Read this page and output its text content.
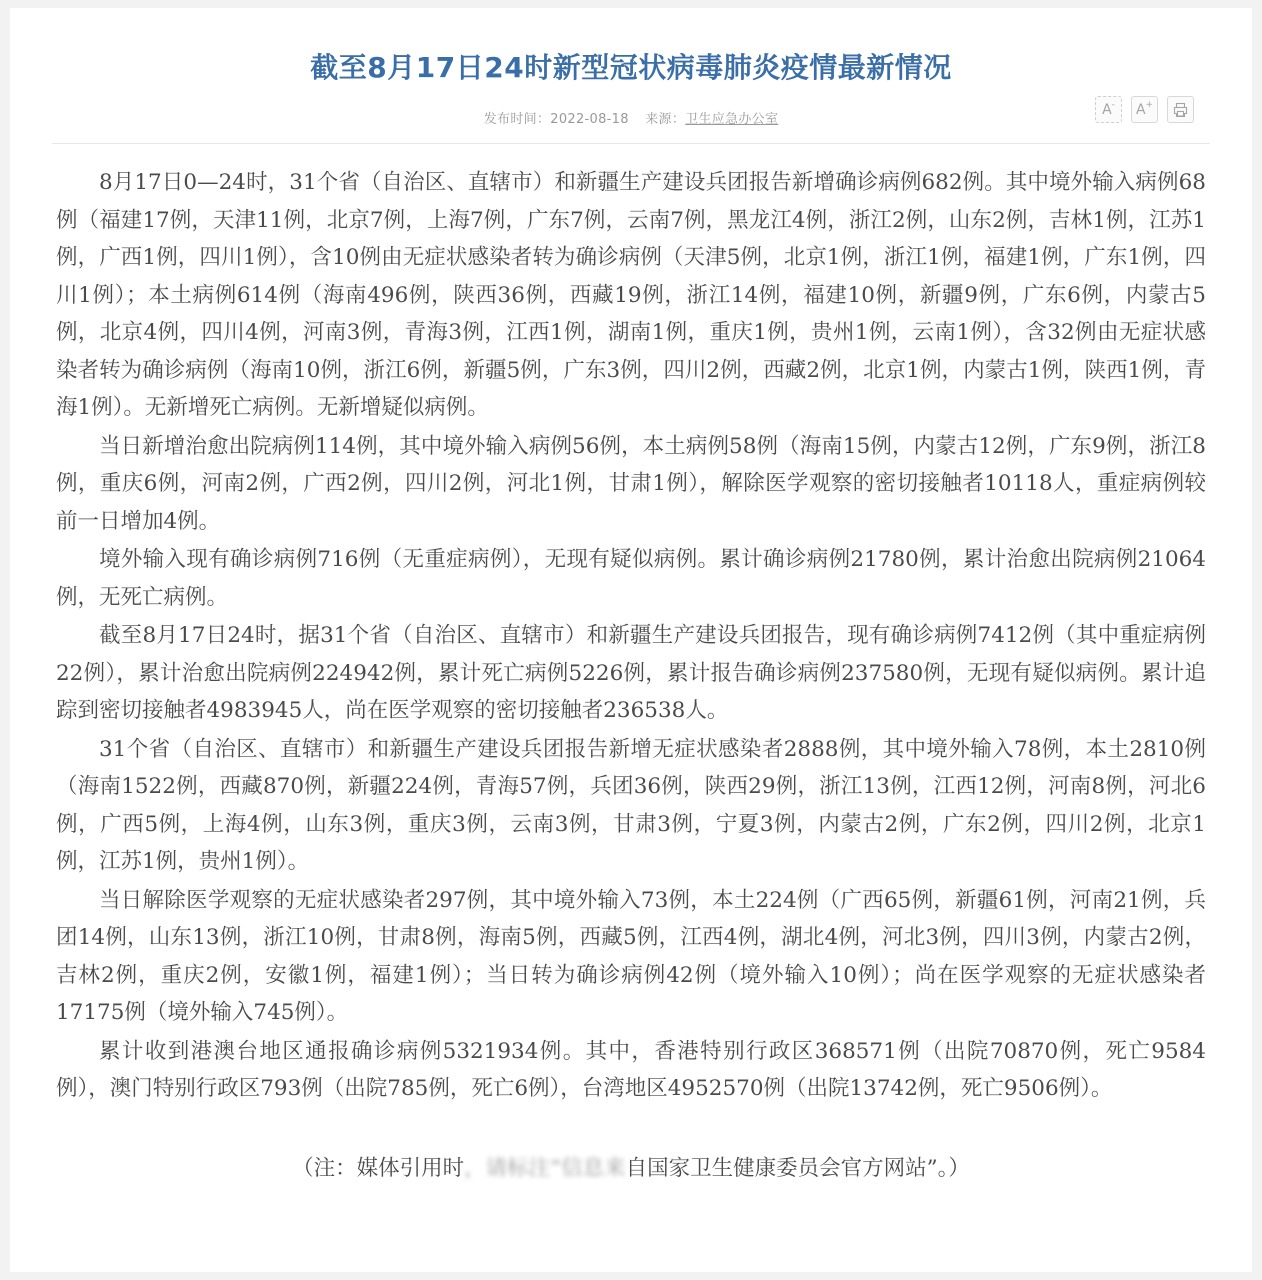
截至8月17日24时新型冠状病毒肺炎疫情最新情况
发布时间：2022-08-18 来源：卫生应急办公室
A- A+

8月17日0—24时，31个省（自治区、直辖市）和新疆生产建设兵团报告新增确诊病例682例。其中境外输入病例68例（福建17例，天津11例，北京7例，上海7例，广东7例，云南7例，黑龙江4例，浙江2例，山东2例，吉林1例，江苏1例，广西1例，四川1例），含10例由无症状感染者转为确诊病例（天津5例，北京1例，浙江1例，福建1例，广东1例，四川1例）；本土病例614例（海南496例，陕西36例，西藏19例，浙江14例，福建10例，新疆9例，广东6例，内蒙古5例，北京4例，四川4例，河南3例，青海3例，江西1例，湖南1例，重庆1例，贵州1例，云南1例），含32例由无症状感染者转为确诊病例（海南10例，浙江6例，新疆5例，广东3例，四川2例，西藏2例，北京1例，内蒙古1例，陕西1例，青海1例）。无新增死亡病例。无新增疑似病例。

当日新增治愈出院病例114例，其中境外输入病例56例，本土病例58例（海南15例，内蒙古12例，广东9例，浙江8例，重庆6例，河南2例，广西2例，四川2例，河北1例，甘肃1例），解除医学观察的密切接触者10118人，重症病例较前一日增加4例。

境外输入现有确诊病例716例（无重症病例），无现有疑似病例。累计确诊病例21780例，累计治愈出院病例21064例，无死亡病例。

截至8月17日24时，据31个省（自治区、直辖市）和新疆生产建设兵团报告，现有确诊病例7412例（其中重症病例22例），累计治愈出院病例224942例，累计死亡病例5226例，累计报告确诊病例237580例，无现有疑似病例。累计追踪到密切接触者4983945人，尚在医学观察的密切接触者236538人。

31个省（自治区、直辖市）和新疆生产建设兵团报告新增无症状感染者2888例，其中境外输入78例，本土2810例（海南1522例，西藏870例，新疆224例，青海57例，兵团36例，陕西29例，浙江13例，江西12例，河南8例，河北6例，广西5例，上海4例，山东3例，重庆3例，云南3例，甘肃3例，宁夏3例，内蒙古2例，广东2例，四川2例，北京1例，江苏1例，贵州1例）。

当日解除医学观察的无症状感染者297例，其中境外输入73例，本土224例（广西65例，新疆61例，河南21例，兵团14例，山东13例，浙江10例，甘肃8例，海南5例，西藏5例，江西4例，湖北4例，河北3例，四川3例，内蒙古2例，吉林2例，重庆2例，安徽1例，福建1例）；当日转为确诊病例42例（境外输入10例）；尚在医学观察的无症状感染者17175例（境外输入745例）。

累计收到港澳台地区通报确诊病例5321934例。其中，香港特别行政区368571例（出院70870例，死亡9584例），澳门特别行政区793例（出院785例，死亡6例），台湾地区4952570例（出院13742例，死亡9506例）。

（注：媒体引用时，请标注“信息来自国家卫生健康委员会官方网站”。）
